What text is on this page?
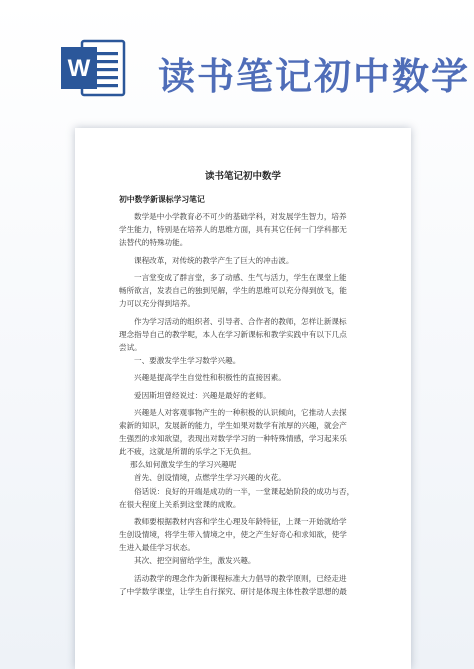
W 读书笔记初中数学
读书笔记初中数学
初中数学新课标学习笔记
数学是中小学教育必不可少的基础学科，对发展学生智力，培养
学生能力，特别是在培养人的思维方面，具有其它任何一门学科都无
法替代的特殊功能。
课程改革，对传统的教学产生了巨大的冲击波。
一言堂变成了群言堂，多了动感、生气与活力，学生在课堂上能
畅所欲言，发表自己的独到见解，学生的思维可以充分得到放飞，能
力可以充分得到培养。
作为学习活动的组织者、引导者、合作者的教师，怎样让新课标
理念指导自己的教学呢，本人在学习新课标和教学实践中有以下几点
尝试。
一、要激发学生学习数学兴趣。
兴趣是提高学生自觉性和积极性的直接因素。
爱因斯坦曾经说过：兴趣是最好的老师。
兴趣是人对客观事物产生的一种积极的认识倾向，它推动人去探
索新的知识，发展新的能力，学生如果对数学有浓厚的兴趣，就会产
生强烈的求知欲望，表现出对数学学习的一种特殊情感，学习起来乐
此不疲，这就是所谓的乐学之下无负担。
那么如何激发学生的学习兴趣呢
首先、创设情境，点燃学生学习兴趣的火花。
俗话说：良好的开端是成功的一半，一堂课起始阶段的成功与否，
在很大程度上关系到这堂课的成败。
教师要根据教材内容和学生心理及年龄特征，上课一开始就给学
生创设情境，将学生带入情境之中，使之产生好奇心和求知欲，使学
生进入最佳学习状态。
其次、把空间留给学生，激发兴趣。
活动教学的理念作为新课程标准大力倡导的教学原则，已经走进
了中学数学课堂，让学生自行探究、研讨是体现主体性教学思想的最
